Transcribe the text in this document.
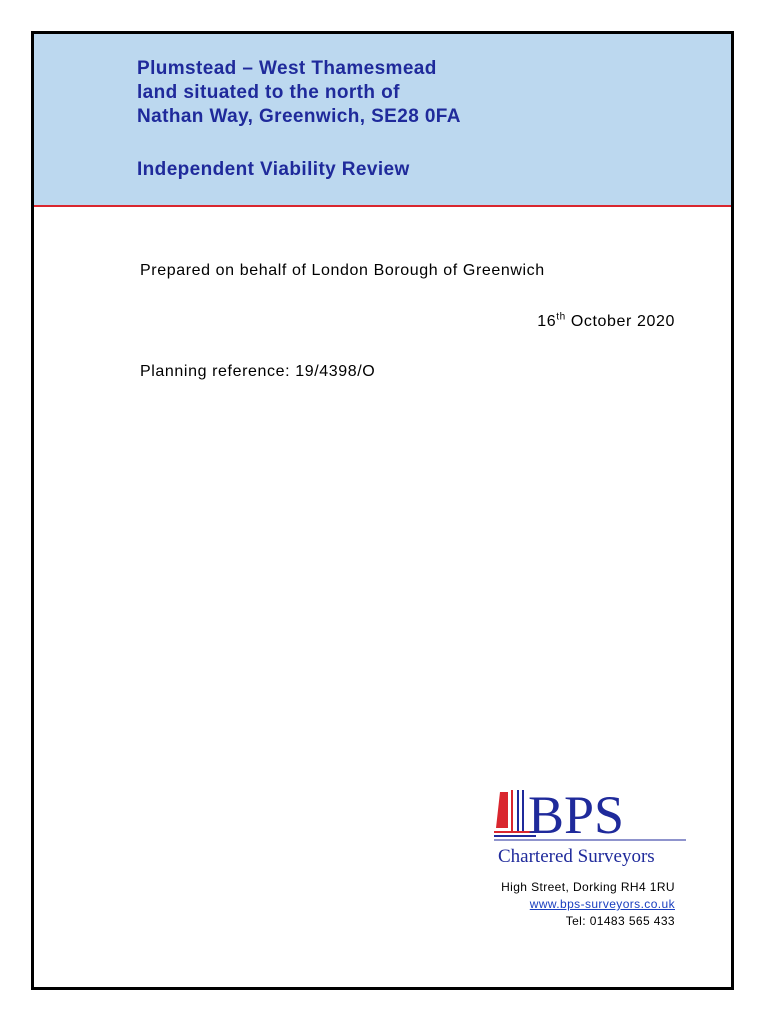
Plumstead – West Thamesmead
land situated to the north of
Nathan Way, Greenwich, SE28 0FA
Independent Viability Review
Prepared on behalf of London Borough of Greenwich
16th October 2020
Planning reference: 19/4398/O
BPS
Chartered Surveyors
High Street, Dorking RH4 1RU
www.bps-surveyors.co.uk
Tel: 01483 565 433
